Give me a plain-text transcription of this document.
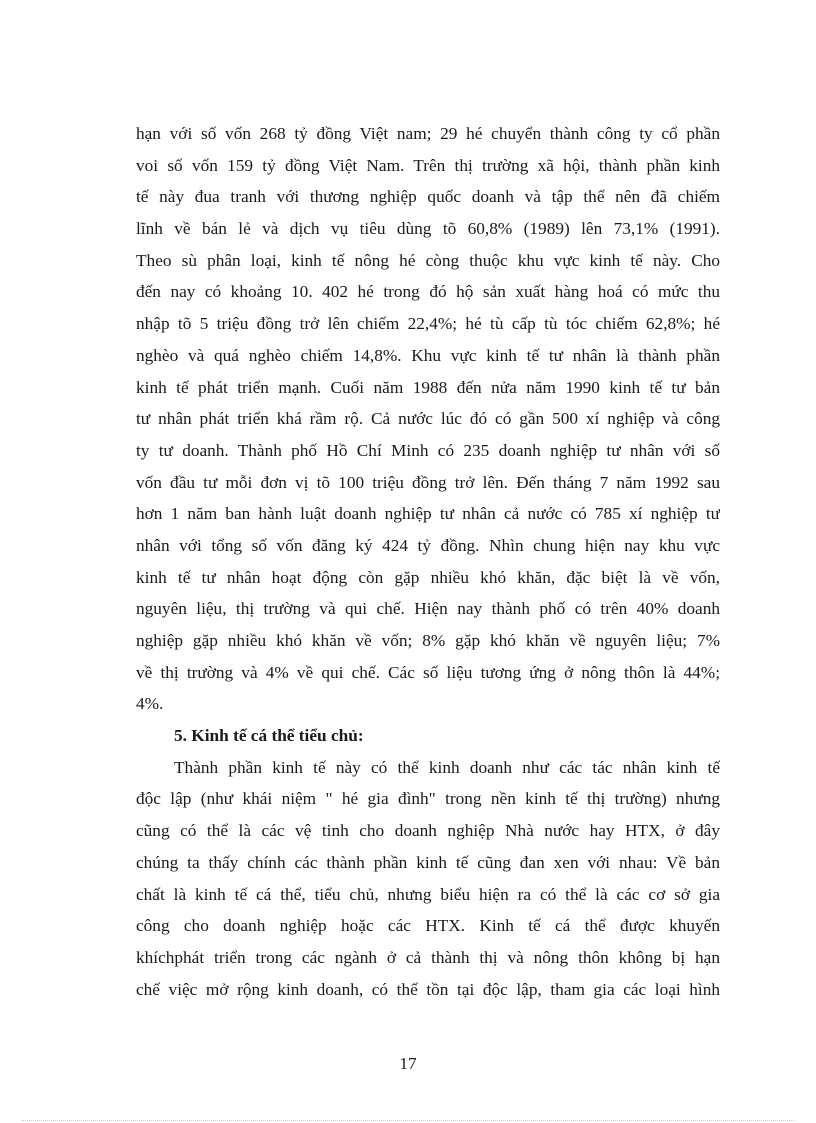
hạn với số vốn 268 tỷ đồng Việt nam; 29 hé chuyển thành công ty cổ phần
voi số vốn 159 tỷ đồng Việt Nam. Trên thị trường xã hội, thành phần kinh
tế này đua tranh với thương nghiệp quốc doanh và tập thể nên đã chiếm
lĩnh về bán lẻ và dịch vụ tiêu dùng tõ 60,8% (1989) lên 73,1% (1991).
Theo sù phân loại, kinh tế nông hé còng thuộc khu vực kinh tế này. Cho
đến nay có khoảng 10. 402 hé trong đó hộ sản xuất hàng hoá có mức thu
nhập tõ 5 triệu đồng trở lên chiếm 22,4%; hé tù cấp tù tóc chiếm 62,8%; hé
nghèo và quá nghèo chiếm 14,8%. Khu vực kinh tế tư nhân là thành phần
kinh tế phát triển mạnh. Cuối năm 1988 đến nửa năm 1990 kinh tế tư bản
tư nhân phát triển khá rầm rộ. Cả nước lúc đó có gần 500 xí nghiệp và công
ty tư doanh. Thành phố Hồ Chí Minh có 235 doanh nghiệp tư nhân với số
vốn đầu tư mỗi đơn vị tõ 100 triệu đồng trở lên. Đến tháng 7 năm 1992 sau
hơn 1 năm ban hành luật doanh nghiệp tư nhân cả nước có 785 xí nghiệp tư
nhân với tổng số vốn đăng ký 424 tỷ đồng. Nhìn chung hiện nay khu vực
kinh tế tư nhân hoạt động còn gặp nhiều khó khăn, đặc biệt là về vốn,
nguyên liệu, thị trường và qui chế. Hiện nay thành phố có trên 40% doanh
nghiệp gặp nhiều khó khăn về vốn; 8% gặp khó khăn về nguyên liệu; 7%
về thị trường và 4% về qui chế. Các số liệu tương ứng ở nông thôn là 44%;
4%.
5. Kinh tế cá thể tiểu chủ:
Thành phần kinh tế này có thể kinh doanh như các tác nhân kinh tế
độc lập (như khái niệm " hé gia đình" trong nền kinh tế thị trường) nhưng
cũng có thể là các vệ tinh cho doanh nghiệp Nhà nước hay HTX, ở đây
chúng ta thấy chính các thành phần kinh tế cũng đan xen với nhau: Về bản
chất là kinh tế cá thể, tiểu chủ, nhưng biểu hiện ra có thể là các cơ sở gia
công cho doanh nghiệp hoặc các HTX. Kinh tế cá thể được khuyến
khíchphát triển trong các ngành ở cả thành thị và nông thôn không bị hạn
chế việc mở rộng kinh doanh, có thể tồn tại độc lập, tham gia các loại hình
17
